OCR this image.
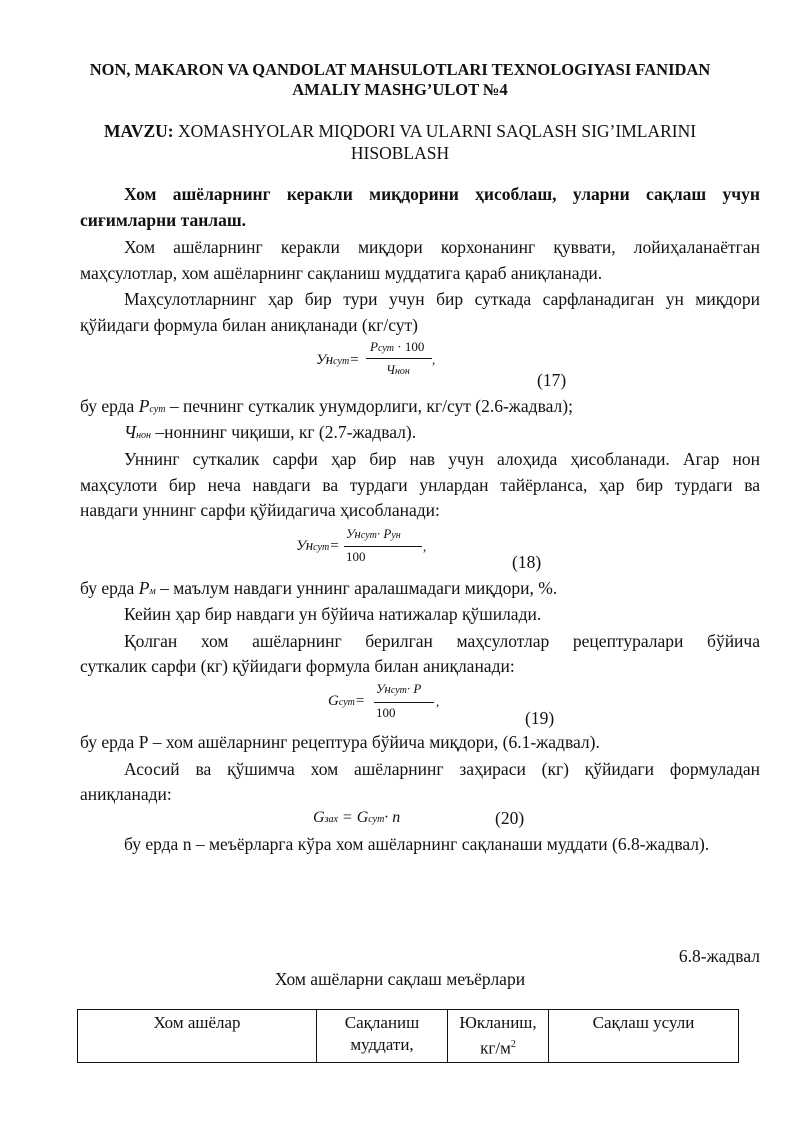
NON, MAKARON VA QANDOLAT MAHSULOTLARI TEXNOLOGIYASI FANIDAN
AMALIY MASHG’ULOT №4
MAVZU: XOMASHYOLAR MIQDORI VA ULARNI SAQLASH SIG’IMLARINI
HISOBLASH
Хом ашёларнинг керакли миқдорини ҳисоблаш, уларни сақлаш учун
сиғимларни танлаш.
Хом ашёларнинг керакли миқдори корхонанинг қуввати, лойиҳаланаётган
маҳсулотлар, хом ашёларнинг сақланиш муддатига қараб аниқланади.
Маҳсулотларнинг ҳар бир тури учун бир суткада сарфланадиган ун миқдори
қўйидаги формула билан аниқланади (кг/сут)
Унсут=
Рсут · 100
Чнон
,
(17)
бу ерда Рсут – печнинг суткалик унумдорлиги, кг/сут (2.6-жадвал);
Чнон –ноннинг чиқиши, кг (2.7-жадвал).
Уннинг суткалик сарфи ҳар бир нав учун алоҳида ҳисобланади. Агар нон
маҳсулоти бир неча навдаги ва турдаги унлардан тайёрланса, ҳар бир турдаги ва
навдаги уннинг сарфи қўйидагича ҳисобланади:
Унсут=
Унсут· Рун
100
,
(18)
бу ерда Рм – маълум навдаги уннинг аралашмадаги миқдори, %.
Кейин ҳар бир навдаги ун бўйича натижалар қўшилади.
Қолган хом ашёларнинг берилган маҳсулотлар рецептуралари бўйича
суткалик сарфи (кг) қўйидаги формула билан аниқланади:
Gсут=
Унсут· Р
100
,
(19)
бу ерда Р – хом ашёларнинг рецептура бўйича миқдори, (6.1-жадвал).
Асосий ва қўшимча хом ашёларнинг заҳираси (кг) қўйидаги формуладан
аниқланади:
Gзах = Gсут· n	(20)
бу ерда n – меъёрларга кўра хом ашёларнинг сақланаши муддати (6.8-жадвал).
6.8-жадвал
Хом ашёларни сақлаш меъёрлари
Хом ашёлар	Сақланиш муддати,	Юкланиш, $кг/м^2$	Сақлаш усули
